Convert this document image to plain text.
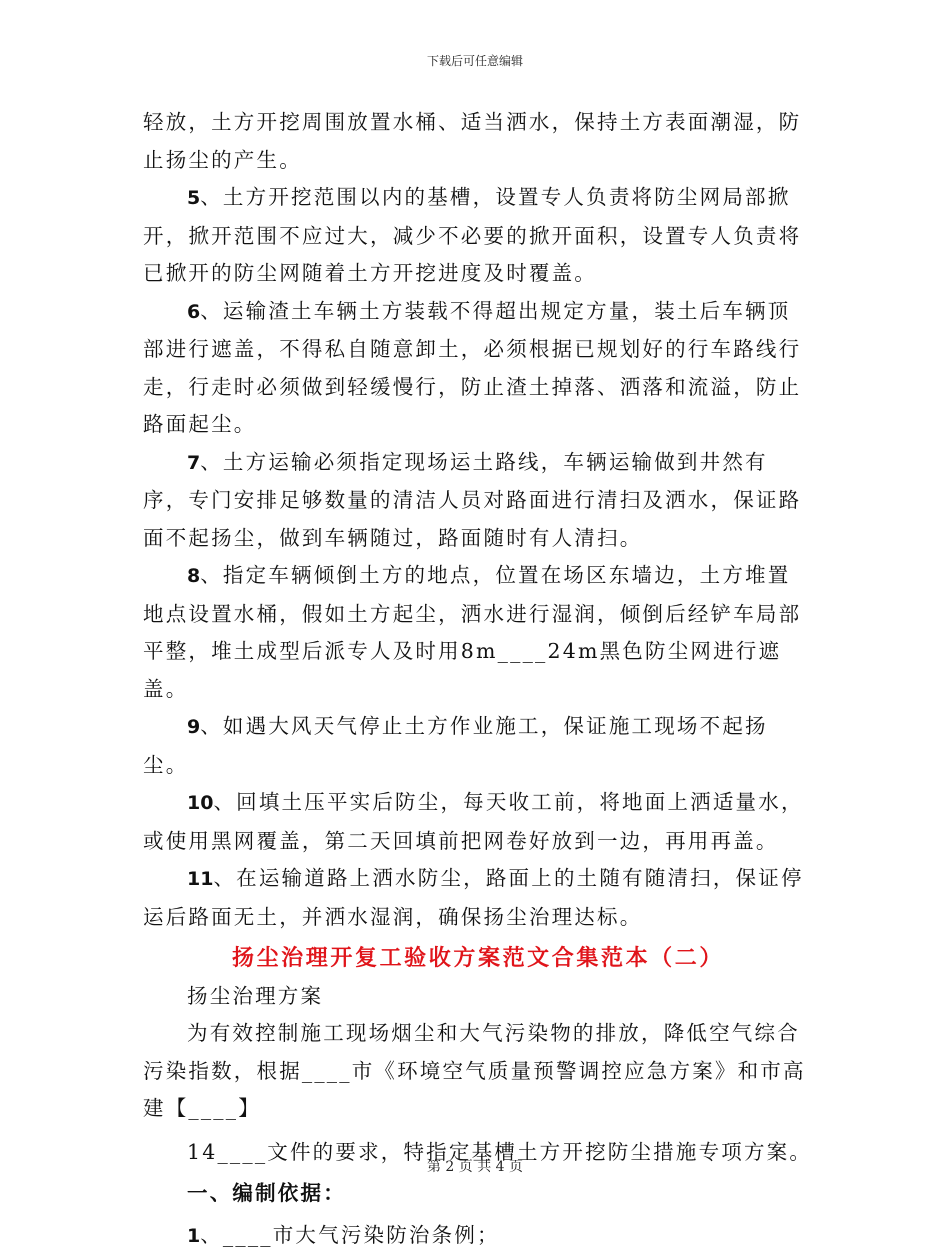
下载后可任意编辑

轻放，土方开挖周围放置水桶、适当洒水，保持土方表面潮湿，防止扬尘的产生。

5、土方开挖范围以内的基槽，设置专人负责将防尘网局部掀开，掀开范围不应过大，减少不必要的掀开面积，设置专人负责将已掀开的防尘网随着土方开挖进度及时覆盖。

6、运输渣土车辆土方装载不得超出规定方量，装土后车辆顶部进行遮盖，不得私自随意卸土，必须根据已规划好的行车路线行走，行走时必须做到轻缓慢行，防止渣土掉落、洒落和流溢，防止路面起尘。

7、土方运输必须指定现场运土路线，车辆运输做到井然有序，专门安排足够数量的清洁人员对路面进行清扫及洒水，保证路面不起扬尘，做到车辆随过，路面随时有人清扫。

8、指定车辆倾倒土方的地点，位置在场区东墙边，土方堆置地点设置水桶，假如土方起尘，洒水进行湿润，倾倒后经铲车局部平整，堆土成型后派专人及时用8m____24m黑色防尘网进行遮盖。

9、如遇大风天气停止土方作业施工，保证施工现场不起扬尘。

10、回填土压平实后防尘，每天收工前，将地面上洒适量水，或使用黑网覆盖，第二天回填前把网卷好放到一边，再用再盖。

11、在运输道路上洒水防尘，路面上的土随有随清扫，保证停运后路面无土，并洒水湿润，确保扬尘治理达标。

扬尘治理开复工验收方案范文合集范本（二）

扬尘治理方案

为有效控制施工现场烟尘和大气污染物的排放，降低空气综合污染指数，根据____市《环境空气质量预警调控应急方案》和市高建【____】

14____文件的要求，特指定基槽土方开挖防尘措施专项方案。

一、编制依据：

1、____市大气污染防治条例；

第 2 页 共 4 页
